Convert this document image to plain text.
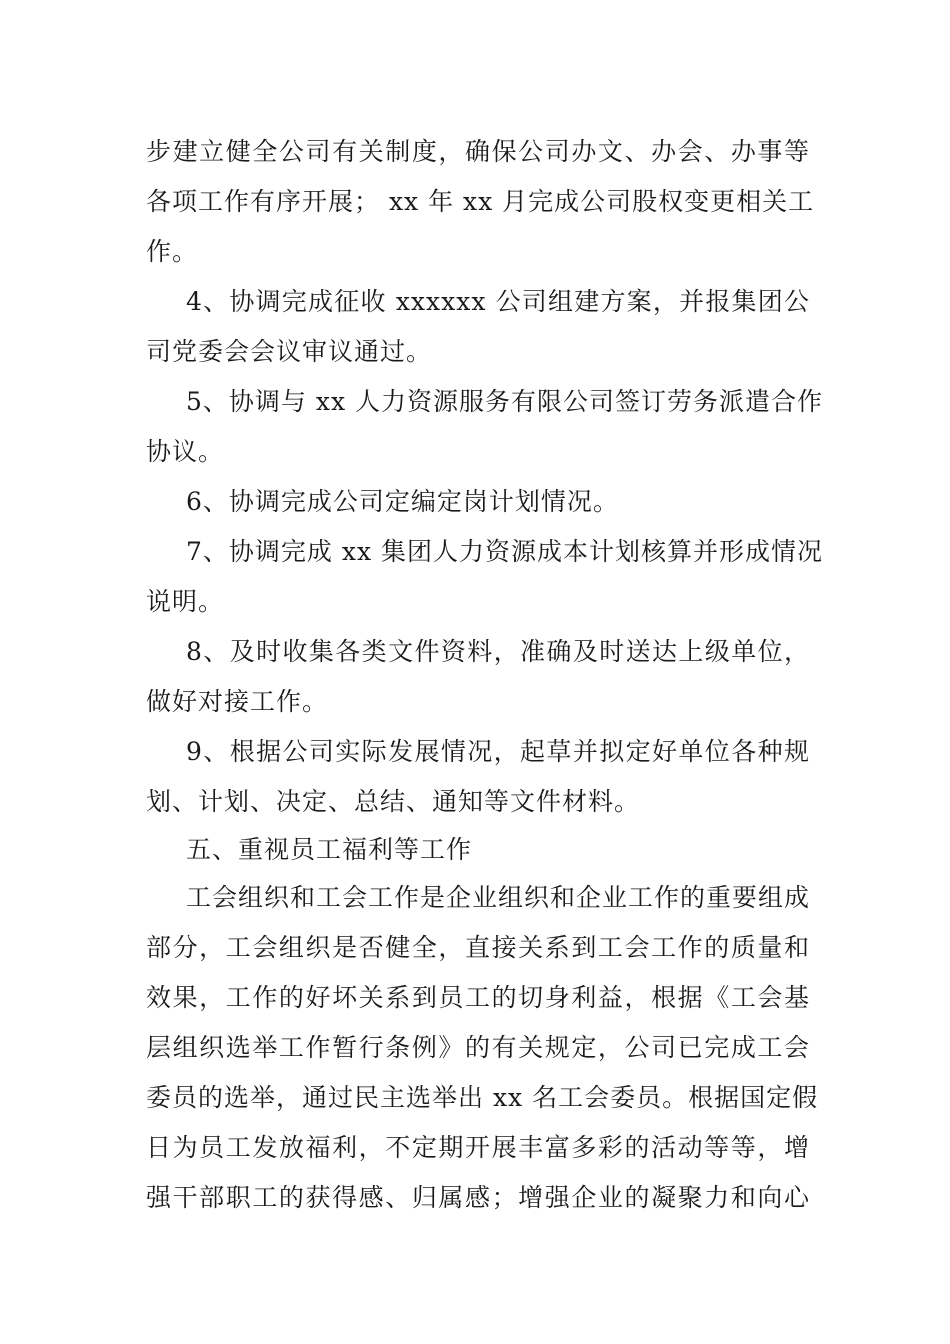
步建立健全公司有关制度，确保公司办文、办会、办事等
各项工作有序开展； xx 年 xx 月完成公司股权变更相关工
作。
4、协调完成征收 xxxxxx 公司组建方案，并报集团公
司党委会会议审议通过。
5、协调与 xx 人力资源服务有限公司签订劳务派遣合作
协议。
6、协调完成公司定编定岗计划情况。
7、协调完成 xx 集团人力资源成本计划核算并形成情况
说明。
8、及时收集各类文件资料，准确及时送达上级单位，
做好对接工作。
9、根据公司实际发展情况，起草并拟定好单位各种规
划、计划、决定、总结、通知等文件材料。
五、重视员工福利等工作
工会组织和工会工作是企业组织和企业工作的重要组成
部分，工会组织是否健全，直接关系到工会工作的质量和
效果，工作的好坏关系到员工的切身利益，根据《工会基
层组织选举工作暂行条例》的有关规定，公司已完成工会
委员的选举，通过民主选举出 xx 名工会委员。根据国定假
日为员工发放福利，不定期开展丰富多彩的活动等等，增
强干部职工的获得感、归属感；增强企业的凝聚力和向心
